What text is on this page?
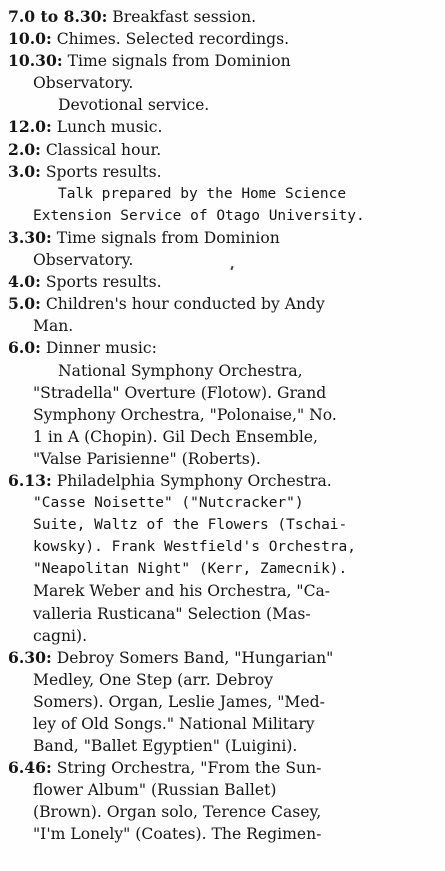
7.0 to 8.30: Breakfast session.
10.0: Chimes. Selected recordings.
10.30: Time signals from Dominion
Observatory.
Devotional service.
12.0: Lunch music.
2.0: Classical hour.
3.0: Sports results.
Talk prepared by the Home Science
Extension Service of Otago University.
3.30: Time signals from Dominion
Observatory.
4.0: Sports results.
5.0: Children's hour conducted by Andy
Man.
6.0: Dinner music:
National Symphony Orchestra,
"Stradella" Overture (Flotow). Grand
Symphony Orchestra, "Polonaise," No.
1 in A (Chopin). Gil Dech Ensemble,
"Valse Parisienne" (Roberts).
6.13: Philadelphia Symphony Orchestra.
"Casse Noisette" ("Nutcracker")
Suite, Waltz of the Flowers (Tschai-
kowsky). Frank Westfield's Orchestra,
"Neapolitan Night" (Kerr, Zamecnik).
Marek Weber and his Orchestra, "Ca-
valleria Rusticana" Selection (Mas-
cagni).
6.30: Debroy Somers Band, "Hungarian"
Medley, One Step (arr. Debroy
Somers). Organ, Leslie James, "Med-
ley of Old Songs." National Military
Band, "Ballet Egyptien" (Luigini).
6.46: String Orchestra, "From the Sun-
flower Album" (Russian Ballet)
(Brown). Organ solo, Terence Casey,
"I'm Lonely" (Coates). The Regimen-
